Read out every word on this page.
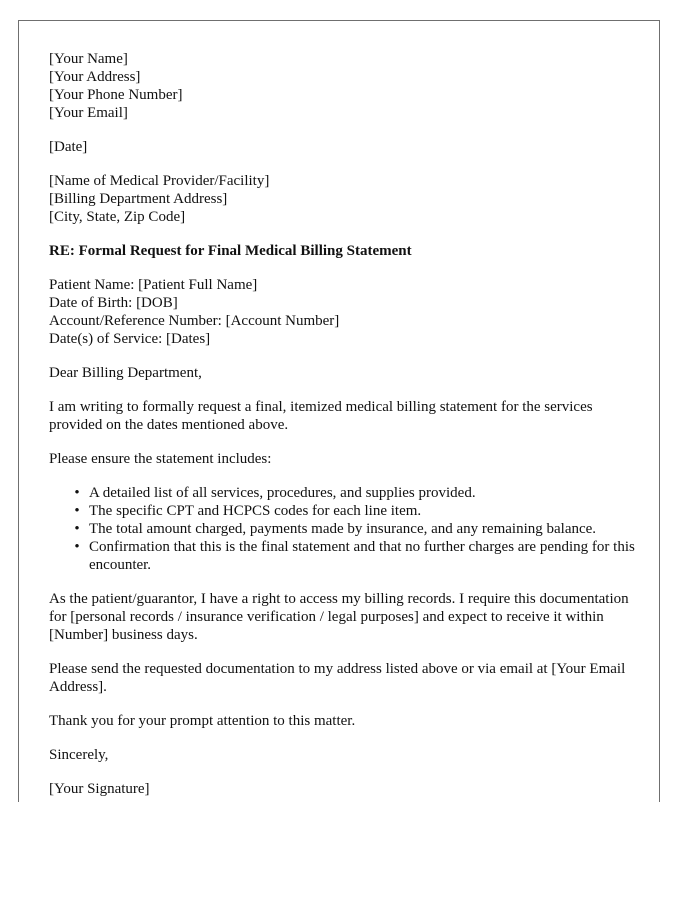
[Your Name]
[Your Address]
[Your Phone Number]
[Your Email]
[Date]
[Name of Medical Provider/Facility]
[Billing Department Address]
[City, State, Zip Code]
RE: Formal Request for Final Medical Billing Statement
Patient Name: [Patient Full Name]
Date of Birth: [DOB]
Account/Reference Number: [Account Number]
Date(s) of Service: [Dates]

Dear Billing Department,

I am writing to formally request a final, itemized medical billing statement for the services provided on the dates mentioned above.

Please ensure the statement includes:

• A detailed list of all services, procedures, and supplies provided.
• The specific CPT and HCPCS codes for each line item.
• The total amount charged, payments made by insurance, and any remaining balance.
• Confirmation that this is the final statement and that no further charges are pending for this encounter.

As the patient/guarantor, I have a right to access my billing records. I require this documentation for [personal records / insurance verification / legal purposes] and expect to receive it within [Number] business days.

Please send the requested documentation to my address listed above or via email at [Your Email Address].

Thank you for your prompt attention to this matter.

Sincerely,

[Your Signature]
